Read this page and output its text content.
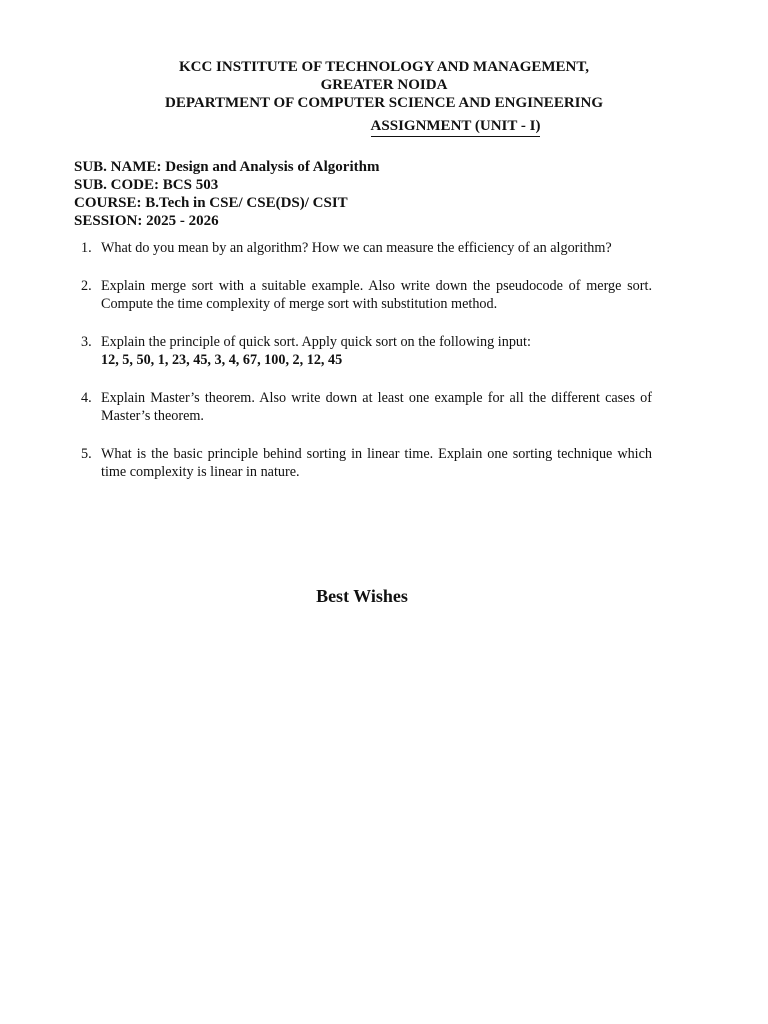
KCC INSTITUTE OF TECHNOLOGY AND MANAGEMENT,
GREATER NOIDA
DEPARTMENT OF COMPUTER SCIENCE AND ENGINEERING
ASSIGNMENT (UNIT - I)
SUB. NAME: Design and Analysis of Algorithm
SUB. CODE: BCS 503
COURSE: B.Tech in CSE/ CSE(DS)/ CSIT
SESSION: 2025 - 2026
1. What do you mean by an algorithm? How we can measure the efficiency of an algorithm?
2. Explain merge sort with a suitable example. Also write down the pseudocode of merge sort. Compute the time complexity of merge sort with substitution method.
3. Explain the principle of quick sort. Apply quick sort on the following input:
12, 5, 50, 1, 23, 45, 3, 4, 67, 100, 2, 12, 45
4. Explain Master’s theorem. Also write down at least one example for all the different cases of Master’s theorem.
5. What is the basic principle behind sorting in linear time. Explain one sorting technique which time complexity is linear in nature.
Best Wishes
